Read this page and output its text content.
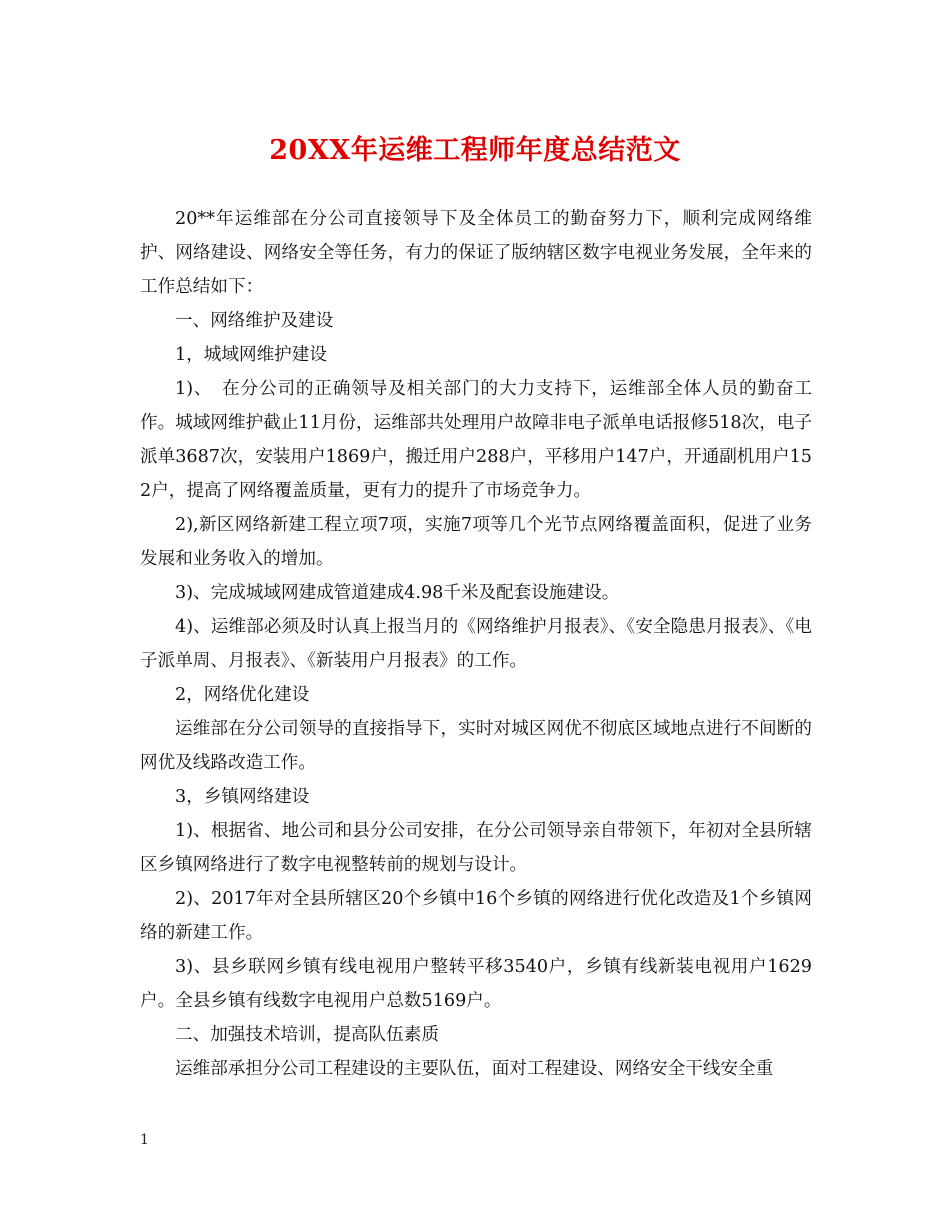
20XX年运维工程师年度总结范文

20**年运维部在分公司直接领导下及全体员工的勤奋努力下，顺利完成网络维护、网络建设、网络安全等任务，有力的保证了版纳辖区数字电视业务发展，全年来的工作总结如下：

一、网络维护及建设

1，城域网维护建设

1)、　在分公司的正确领导及相关部门的大力支持下，运维部全体人员的勤奋工作。城域网维护截止11月份，运维部共处理用户故障非电子派单电话报修518次，电子派单3687次，安装用户1869户，搬迁用户288户，平移用户147户，开通副机用户152户，提高了网络覆盖质量，更有力的提升了市场竞争力。

2),新区网络新建工程立项7项，实施7项等几个光节点网络覆盖面积，促进了业务发展和业务收入的增加。

3)、完成城域网建成管道建成4.98千米及配套设施建设。

4)、运维部必须及时认真上报当月的《网络维护月报表》、《安全隐患月报表》、《电子派单周、月报表》、《新装用户月报表》的工作。

2，网络优化建设

运维部在分公司领导的直接指导下，实时对城区网优不彻底区域地点进行不间断的网优及线路改造工作。

3，乡镇网络建设

1)、根据省、地公司和县分公司安排，在分公司领导亲自带领下，年初对全县所辖区乡镇网络进行了数字电视整转前的规划与设计。

2)、2017年对全县所辖区20个乡镇中16个乡镇的网络进行优化改造及1个乡镇网络的新建工作。

3)、县乡联网乡镇有线电视用户整转平移3540户，乡镇有线新装电视用户1629户。全县乡镇有线数字电视用户总数5169户。

二、加强技术培训，提高队伍素质

运维部承担分公司工程建设的主要队伍，面对工程建设、网络安全干线安全重

1
